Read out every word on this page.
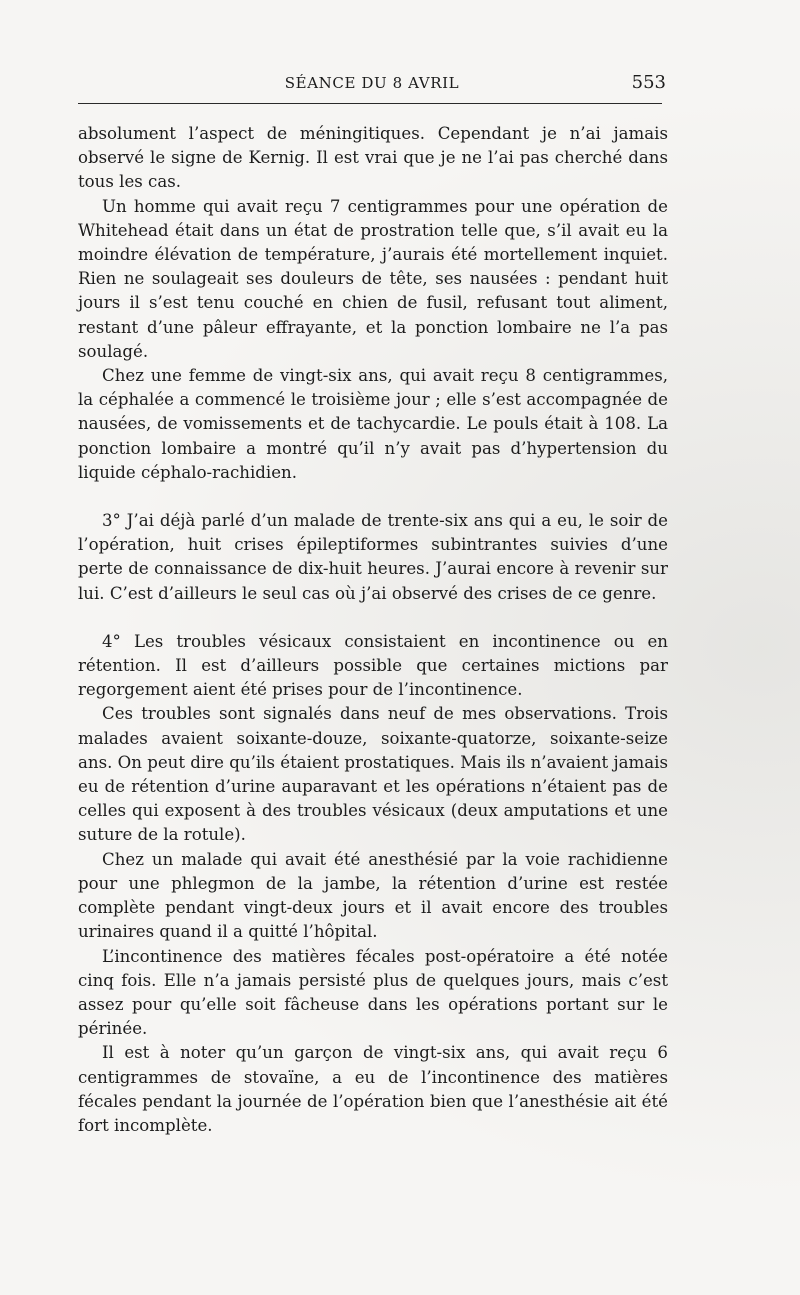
SÉANCE DU 8 AVRIL	553

absolument l’aspect de méningitiques. Cependant je n’ai jamais observé le signe de Kernig. Il est vrai que je ne l’ai pas cherché dans tous les cas.

Un homme qui avait reçu 7 centigrammes pour une opération de Whitehead était dans un état de prostration telle que, s’il avait eu la moindre élévation de température, j’aurais été mortellement inquiet. Rien ne soulageait ses douleurs de tête, ses nausées : pendant huit jours il s’est tenu couché en chien de fusil, refusant tout aliment, restant d’une pâleur effrayante, et la ponction lombaire ne l’a pas soulagé.

Chez une femme de vingt-six ans, qui avait reçu 8 centigrammes, la céphalée a commencé le troisième jour ; elle s’est accompagnée de nausées, de vomissements et de tachycardie. Le pouls était à 108. La ponction lombaire a montré qu’il n’y avait pas d’hypertension du liquide céphalo-rachidien.

3° J’ai déjà parlé d’un malade de trente-six ans qui a eu, le soir de l’opération, huit crises épileptiformes subintrantes suivies d’une perte de connaissance de dix-huit heures. J’aurai encore à revenir sur lui. C’est d’ailleurs le seul cas où j’ai observé des crises de ce genre.

4° Les troubles vésicaux consistaient en incontinence ou en rétention. Il est d’ailleurs possible que certaines mictions par regorgement aient été prises pour de l’incontinence.

Ces troubles sont signalés dans neuf de mes observations. Trois malades avaient soixante-douze, soixante-quatorze, soixante-seize ans. On peut dire qu’ils étaient prostatiques. Mais ils n’avaient jamais eu de rétention d’urine auparavant et les opérations n’étaient pas de celles qui exposent à des troubles vésicaux (deux amputations et une suture de la rotule).

Chez un malade qui avait été anesthésié par la voie rachidienne pour une phlegmon de la jambe, la rétention d’urine est restée complète pendant vingt-deux jours et il avait encore des troubles urinaires quand il a quitté l’hôpital.

L’incontinence des matières fécales post-opératoire a été notée cinq fois. Elle n’a jamais persisté plus de quelques jours, mais c’est assez pour qu’elle soit fâcheuse dans les opérations portant sur le périnée.

Il est à noter qu’un garçon de vingt-six ans, qui avait reçu 6 centigrammes de stovaïne, a eu de l’incontinence des matières fécales pendant la journée de l’opération bien que l’anesthésie ait été fort incomplète.
